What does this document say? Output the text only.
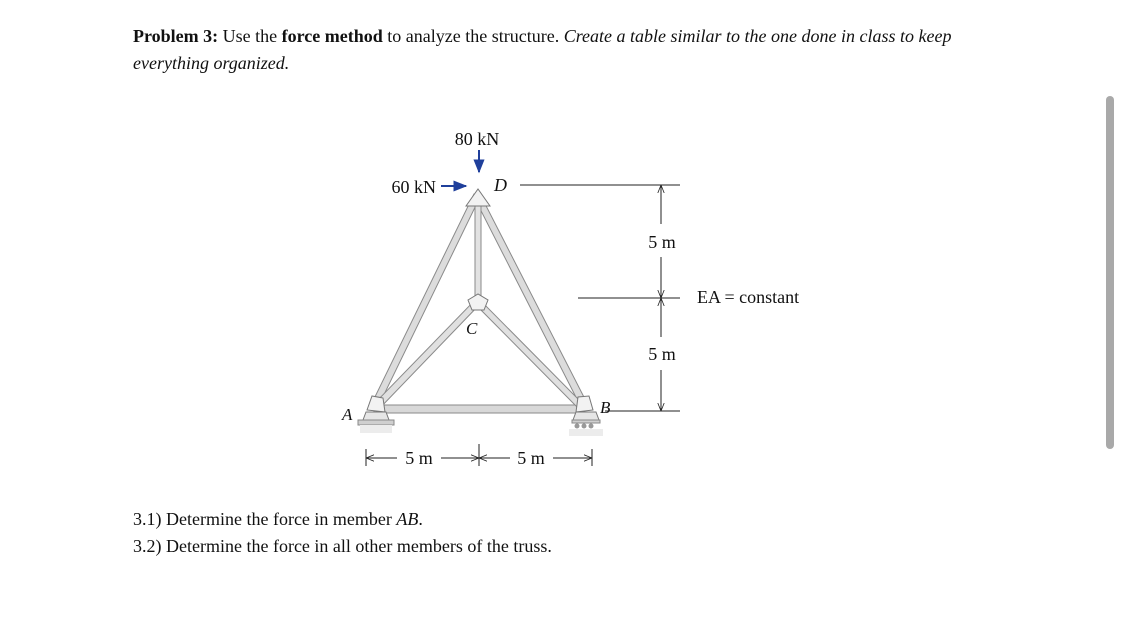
Problem 3: Use the force method to analyze the structure. Create a table similar to the one done in class to keep everything organized.
80 kN
60 kN	D
C
A	B
5 m
5 m
5 m	5 m
EA = constant
3.1) Determine the force in member AB.
3.2) Determine the force in all other members of the truss.
